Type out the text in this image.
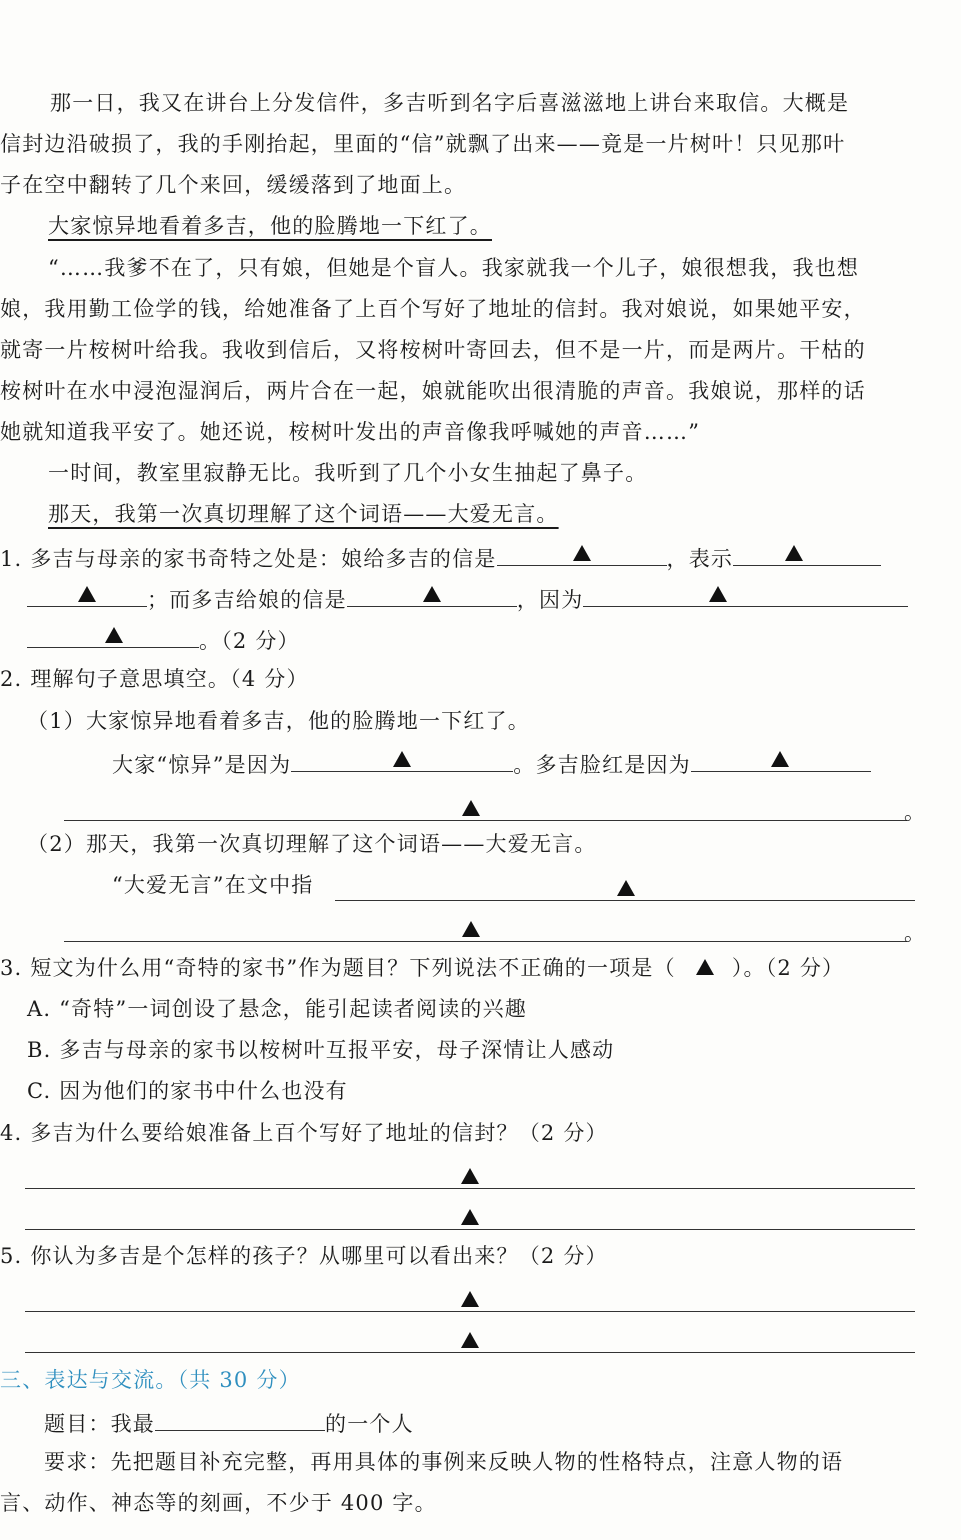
那一日，我又在讲台上分发信件，多吉听到名字后喜滋滋地上讲台来取信。大概是
信封边沿破损了，我的手刚抬起，里面的“信”就飘了出来——竟是一片树叶！只见那叶
子在空中翻转了几个来回，缓缓落到了地面上。
大家惊异地看着多吉，他的脸腾地一下红了。
“……我爹不在了，只有娘，但她是个盲人。我家就我一个儿子，娘很想我，我也想
娘，我用勤工俭学的钱，给她准备了上百个写好了地址的信封。我对娘说，如果她平安，
就寄一片桉树叶给我。我收到信后，又将桉树叶寄回去，但不是一片，而是两片。干枯的
桉树叶在水中浸泡湿润后，两片合在一起，娘就能吹出很清脆的声音。我娘说，那样的话
她就知道我平安了。她还说，桉树叶发出的声音像我呼喊她的声音……”
一时间，教室里寂静无比。我听到了几个小女生抽起了鼻子。
那天，我第一次真切理解了这个词语——大爱无言。
1. 多吉与母亲的家书奇特之处是：娘给多吉的信是	，表示
；而多吉给娘的信是	，因为
。（2 分）
2. 理解句子意思填空。（4 分）
（1）大家惊异地看着多吉，他的脸腾地一下红了。
大家“惊异”是因为	。多吉脸红是因为
。
（2）那天，我第一次真切理解了这个词语——大爱无言。
“大爱无言”在文中指
。
3. 短文为什么用“奇特的家书”作为题目？下列说法不正确的一项是（	）。（2 分）
A. “奇特”一词创设了悬念，能引起读者阅读的兴趣
B. 多吉与母亲的家书以桉树叶互报平安，母子深情让人感动
C. 因为他们的家书中什么也没有
4. 多吉为什么要给娘准备上百个写好了地址的信封？（2 分）
5. 你认为多吉是个怎样的孩子？从哪里可以看出来？（2 分）
三、表达与交流。（共 30 分）
题目：我最	的一个人
要求：先把题目补充完整，再用具体的事例来反映人物的性格特点，注意人物的语
言、动作、神态等的刻画，不少于 400 字。
